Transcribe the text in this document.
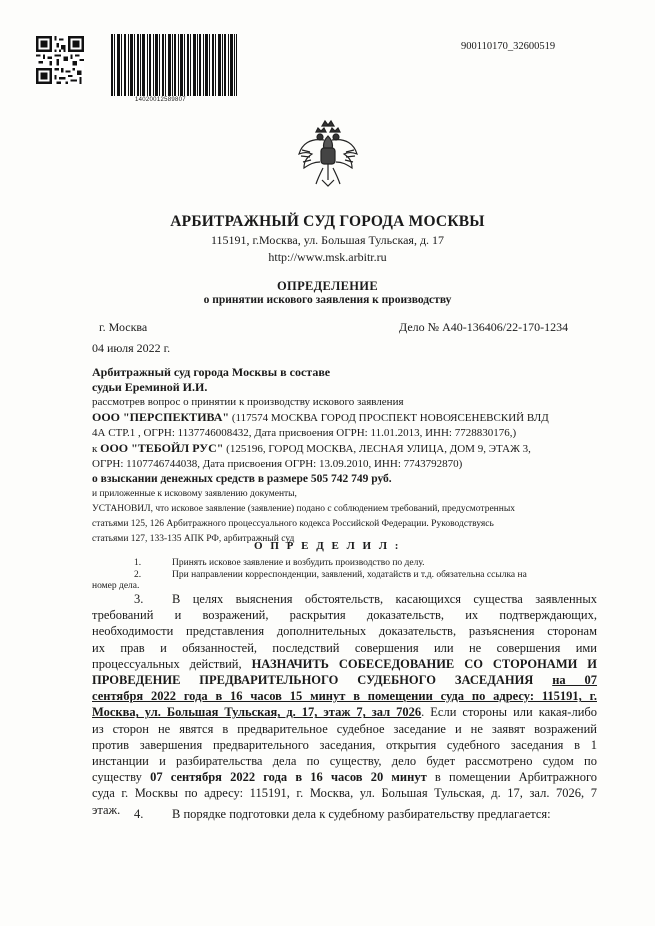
14020012589807
900110170_32600519
АРБИТРАЖНЫЙ СУД ГОРОДА МОСКВЫ
115191, г.Москва, ул. Большая Тульская, д. 17
http://www.msk.arbitr.ru
ОПРЕДЕЛЕНИЕ
о принятии искового заявления к производству
г. Москва	Дело № А40-136406/22-170-1234
04 июля 2022 г.
Арбитражный суд города Москвы в составе
судьи Ереминой И.И.
рассмотрев вопрос о принятии к производству искового заявления
ООО "ПЕРСПЕКТИВА" (117574 МОСКВА ГОРОД ПРОСПЕКТ НОВОЯСЕНЕВСКИЙ ВЛД
4А СТР.1 , ОГРН: 1137746008432, Дата присвоения ОГРН: 11.01.2013, ИНН: 7728830176,)
к ООО "ТЕБОЙЛ РУС" (125196, ГОРОД МОСКВА, ЛЕСНАЯ УЛИЦА, ДОМ 9, ЭТАЖ 3,
ОГРН: 1107746744038, Дата присвоения ОГРН: 13.09.2010, ИНН: 7743792870)
о взыскании денежных средств в размере 505 742 749 руб.
и приложенные к исковому заявлению документы,
УСТАНОВИЛ, что исковое заявление (заявление) подано с соблюдением требований, предусмотренных
статьями 125, 126 Арбитражного процессуального кодекса Российской Федерации. Руководствуясь
статьями 127, 133-135 АПК РФ, арбитражный суд
О П Р Е Д Е Л И Л :
1.	Принять исковое заявление и возбудить производство по делу.
2.	При направлении корреспонденции, заявлений, ходатайств и т.д. обязательна ссылка на
номер дела.
3. В целях выяснения обстоятельств, касающихся существа заявленных
требований и возражений, раскрытия доказательств, их подтверждающих,
необходимости представления дополнительных доказательств, разъяснения сторонам
их прав и обязанностей, последствий совершения или не совершения ими
процессуальных действий, НАЗНАЧИТЬ СОБЕСЕДОВАНИЕ СО СТОРОНАМИ И
ПРОВЕДЕНИЕ ПРЕДВАРИТЕЛЬНОГО СУДЕБНОГО ЗАСЕДАНИЯ на 07
сентября 2022 года в 16 часов 15 минут в помещении суда по адресу: 115191, г.
Москва, ул. Большая Тульская, д. 17, этаж 7, зал 7026. Если стороны или какая-либо
из сторон не явятся в предварительное судебное заседание и не заявят возражений
против завершения предварительного заседания, открытия судебного заседания в 1
инстанции и разбирательства дела по существу, дело будет рассмотрено судом по
существу 07 сентября 2022 года в 16 часов 20 минут в помещении Арбитражного
суда г. Москвы по адресу: 115191, г. Москва, ул. Большая Тульская, д. 17, зал. 7026, 7
этаж.	4. В порядке подготовки дела к судебному разбирательству предлагается:
